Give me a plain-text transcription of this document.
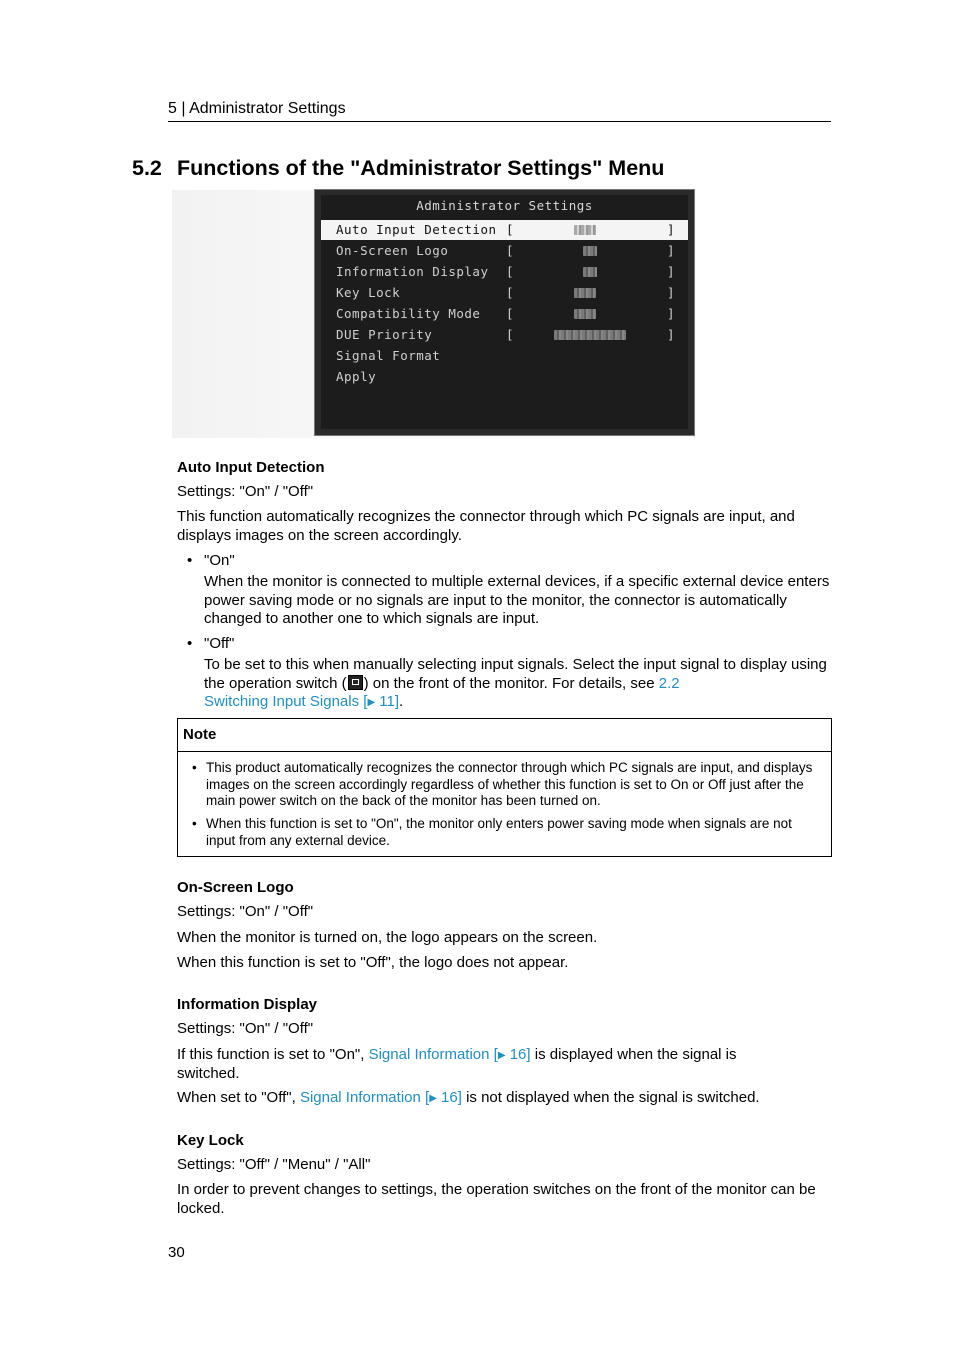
5 | Administrator Settings
5.2 Functions of the "Administrator Settings" Menu
Administrator Settings
Auto Input Detection [	]
On-Screen Logo	[	]
Information Display [	]
Key Lock	[	]
Compatibility Mode [	]
DUE Priority	[	]
Signal Format
Apply
Auto Input Detection
Settings: "On" / "Off"
This function automatically recognizes the connector through which PC signals are input, and displays images on the screen accordingly.
• "On"
When the monitor is connected to multiple external devices, if a specific external device enters power saving mode or no signals are input to the monitor, the connector is automatically changed to another one to which signals are input.
• "Off"
To be set to this when manually selecting input signals. Select the input signal to display using the operation switch ( ) on the front of the monitor. For details, see 2.2
Switching Input Signals [▶ 11].
Note
• This product automatically recognizes the connector through which PC signals are input, and displays images on the screen accordingly regardless of whether this function is set to On or Off just after the main power switch on the back of the monitor has been turned on.
• When this function is set to "On", the monitor only enters power saving mode when signals are not input from any external device.
On-Screen Logo
Settings: "On" / "Off"
When the monitor is turned on, the logo appears on the screen.
When this function is set to "Off", the logo does not appear.
Information Display
Settings: "On" / "Off"
If this function is set to "On", Signal Information [▶ 16] is displayed when the signal is
switched.
When set to "Off", Signal Information [▶ 16] is not displayed when the signal is switched.
Key Lock
Settings: "Off" / "Menu" / "All"
In order to prevent changes to settings, the operation switches on the front of the monitor can be locked.
30
